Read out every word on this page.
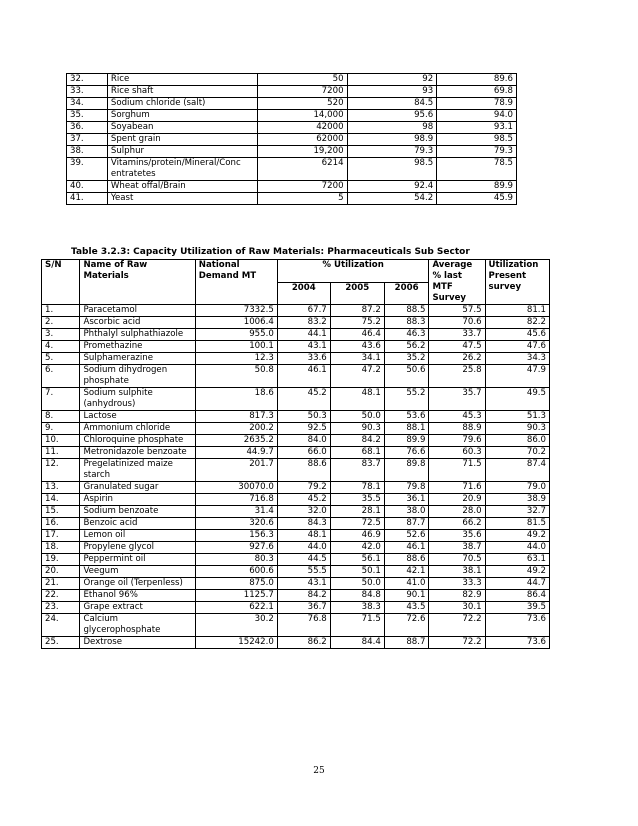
32.	Rice	50	92	89.6
33.	Rice shaft	7200	93	69.8
34.	Sodium chloride (salt)	520	84.5	78.9
35.	Sorghum	14,000	95.6	94.0
36.	Soyabean	42000	98	93.1
37.	Spent grain	62000	98.9	98.5
38.	Sulphur	19,200	79.3	79.3
39.	Vitamins/protein/Mineral/Conc entratetes	6214	98.5	78.5
40.	Wheat offal/Brain	7200	92.4	89.9
41.	Yeast	5	54.2	45.9
Table 3.2.3: Capacity Utilization of Raw Materials: Pharmaceuticals Sub Sector
S/N	Name of Raw Materials	National Demand MT	% Utilization			Average % last MTF Survey	Utilization Present survey
			2004	2005	2006		
1.	Paracetamol	7332.5	67.7	87.2	88.5	57.5	81.1
2.	Ascorbic acid	1006.4	83.2	75.2	88.3	70.6	82.2
3.	Phthalyl sulphathiazole	955.0	44.1	46.4	46.3	33.7	45.6
4.	Promethazine	100.1	43.1	43.6	56.2	47.5	47.6
5.	Sulphamerazine	12.3	33.6	34.1	35.2	26.2	34.3
6.	Sodium dihydrogen phosphate	50.8	46.1	47.2	50.6	25.8	47.9
7.	Sodium sulphite (anhydrous)	18.6	45.2	48.1	55.2	35.7	49.5
8.	Lactose	817.3	50.3	50.0	53.6	45.3	51.3
9.	Ammonium chloride	200.2	92.5	90.3	88.1	88.9	90.3
10.	Chloroquine phosphate	2635.2	84.0	84.2	89.9	79.6	86.0
11.	Metronidazole benzoate	44.9.7	66.0	68.1	76.6	60.3	70.2
12.	Pregelatinized maize starch	201.7	88.6	83.7	89.8	71.5	87.4
13.	Granulated sugar	30070.0	79.2	78.1	79.8	71.6	79.0
14.	Aspirin	716.8	45.2	35.5	36.1	20.9	38.9
15.	Sodium benzoate	31.4	32.0	28.1	38.0	28.0	32.7
16.	Benzoic acid	320.6	84.3	72.5	87.7	66.2	81.5
17.	Lemon oil	156.3	48.1	46.9	52.6	35.6	49.2
18.	Propylene glycol	927.6	44.0	42.0	46.1	38.7	44.0
19.	Peppermint oil	80.3	44.5	56.1	88.6	70.5	63.1
20.	Veegum	600.6	55.5	50.1	42.1	38.1	49.2
21.	Orange oil (Terpenless)	875.0	43.1	50.0	41.0	33.3	44.7
22.	Ethanol 96%	1125.7	84.2	84.8	90.1	82.9	86.4
23.	Grape extract	622.1	36.7	38.3	43.5	30.1	39.5
24.	Calcium glycerophosphate	30.2	76.8	71.5	72.6	72.2	73.6
25.	Dextrose	15242.0	86.2	84.4	88.7	72.2	73.6
25
